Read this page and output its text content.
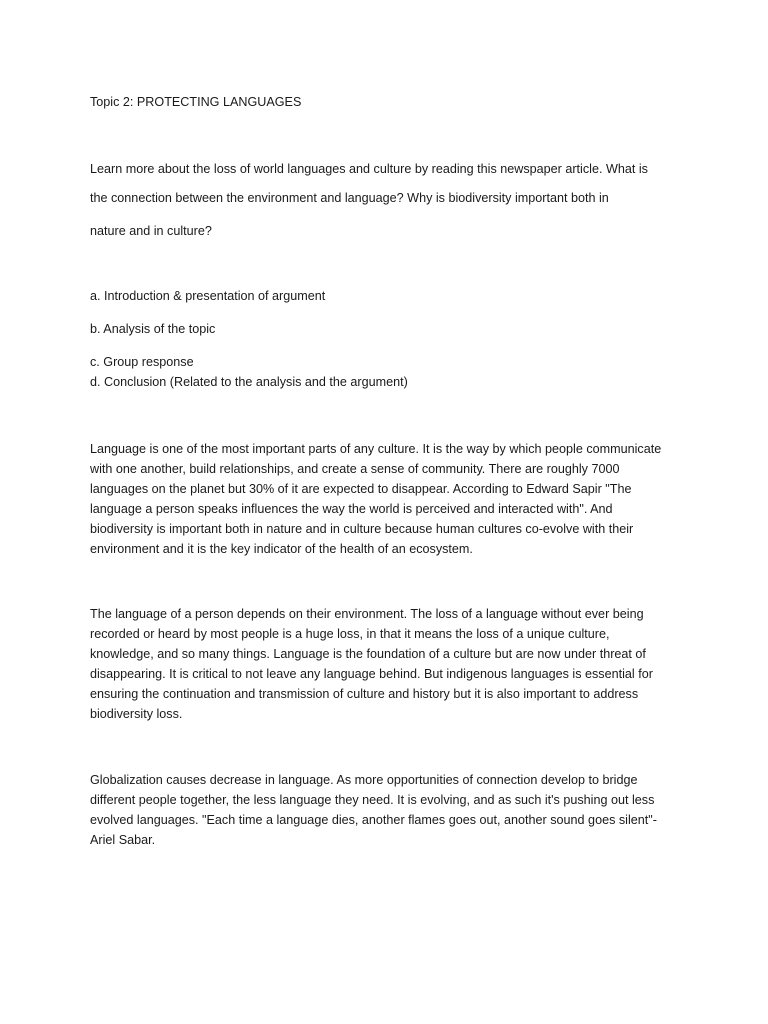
Topic 2: PROTECTING LANGUAGES
Learn more about the loss of world languages and culture by reading this newspaper article. What is
the connection between the environment and language? Why is biodiversity important both in
nature and in culture?
a. Introduction & presentation of argument
b. Analysis of the topic
c. Group response
d. Conclusion (Related to the analysis and the argument)
Language is one of the most important parts of any culture. It is the way by which people communicate
with one another, build relationships, and create a sense of community. There are roughly 7000
languages on the planet but 30% of it are expected to disappear. According to Edward Sapir "The
language a person speaks influences the way the world is perceived and interacted with". And
biodiversity is important both in nature and in culture because human cultures co-evolve with their
environment and it is the key indicator of the health of an ecosystem.
The language of a person depends on their environment. The loss of a language without ever being
recorded or heard by most people is a huge loss, in that it means the loss of a unique culture,
knowledge, and so many things. Language is the foundation of a culture but are now under threat of
disappearing. It is critical to not leave any language behind. But indigenous languages is essential for
ensuring the continuation and transmission of culture and history but it is also important to address
biodiversity loss.
Globalization causes decrease in language. As more opportunities of connection develop to bridge
different people together, the less language they need. It is evolving, and as such it's pushing out less
evolved languages. "Each time a language dies, another flames goes out, another sound goes silent"-
Ariel Sabar.
